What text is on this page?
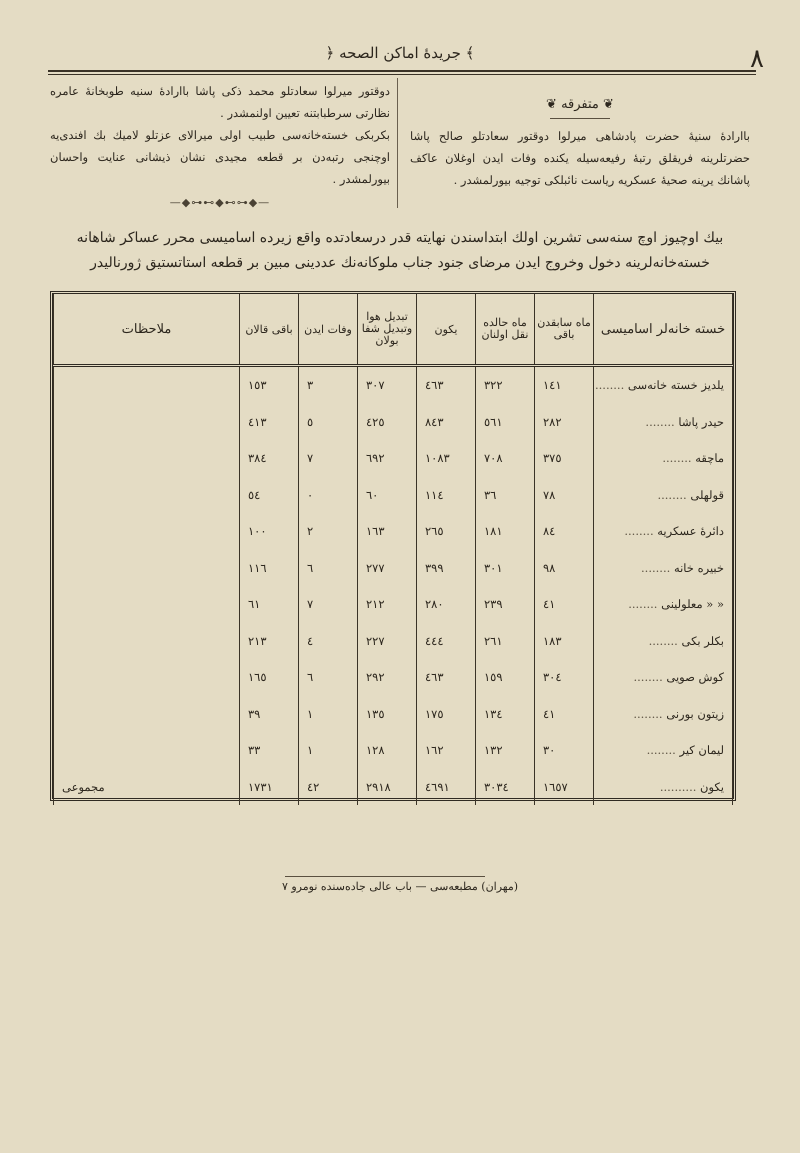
٨
﴿ جريدهٔ اماكن الصحه ﴾
❦ متفرقه ❦
باارادهٔ سنيهٔ حضرت پادشاهى ميرلوا دوقتور سعادتلو صالح پاشا حضرتلرينه فريقلق رتبهٔ رفيعه‌سيله يكنده وفات ايدن اوغلان عاكف پاشانك يرينه صحيهٔ عسكريه رياست نائبلكى توجيه بيورلمشدر .
دوقتور ميرلوا سعادتلو محمد ذكى پاشا باارادهٔ سنيه طوبخانهٔ عامره نظارتى سرطبابتنه تعيين اولنمشدر .
بكربكى خسته‌خانه‌سى طبيب اولى ميرالاى عزتلو لاميك بك افندى‌يه اوچنجى رتبه‌دن بر قطعه مجيدى نشان ذيشانى عنايت واحسان بيورلمشدر .
—◆⊷⊶◆⊶⊷◆—
بيك اوچيوز اوچ سنه‌سى تشرين اولك ابتداسندن نهايته قدر درسعادتده واقع زيرده اساميسى محرر عساكر شاهانه خسته‌خانه‌لرينه دخول وخروج ايدن مرضاى جنود جناب ملوكانه‌نك عددينى مبين بر قطعه استاتستيق ژورناليدر
خسته خانه‌لر اساميسى	ماه سابقدن باقى	ماه حالده نقل اولنان	يكون	تبديل هوا وتبديل شفا بولان	وفات ايدن	باقى قالان	ملاحظات
يلديز خسته خانه‌سى ........	١٤١	٣٢٢	٤٦٣	٣٠٧	٣	١٥٣	
حيدر پاشا ........	٢٨٢	٥٦١	٨٤٣	٤٢٥	٥	٤١٣	
ماچقه ........	٣٧٥	٧٠٨	١٠٨٣	٦٩٢	٧	٣٨٤	
قولهلى ........	٧٨	٣٦	١١٤	٦٠	٠	٥٤	
دائرهٔ عسكريه ........	٨٤	١٨١	٢٦٥	١٦٣	٢	١٠٠	
خبيره خانه ........	٩٨	٣٠١	٣٩٩	٢٧٧	٦	١١٦	
« « معلولينى ........	٤١	٢٣٩	٢٨٠	٢١٢	٧	٦١	
بكلر بكى ........	١٨٣	٢٦١	٤٤٤	٢٢٧	٤	٢١٣	
كوش صويى ........	٣٠٤	١٥٩	٤٦٣	٢٩٢	٦	١٦٥	
زيتون بورنى ........	٤١	١٣٤	١٧٥	١٣٥	١	٣٩	
ليمان كير ........	٣٠	١٣٢	١٦٢	١٢٨	١	٣٣	
يكون ..........	١٦٥٧	٣٠٣٤	٤٦٩١	٢٩١٨	٤٢	١٧٣١	مجموعى
(مهران) مطبعه‌سى — باب عالى جاده‌سنده نومرو ٧
